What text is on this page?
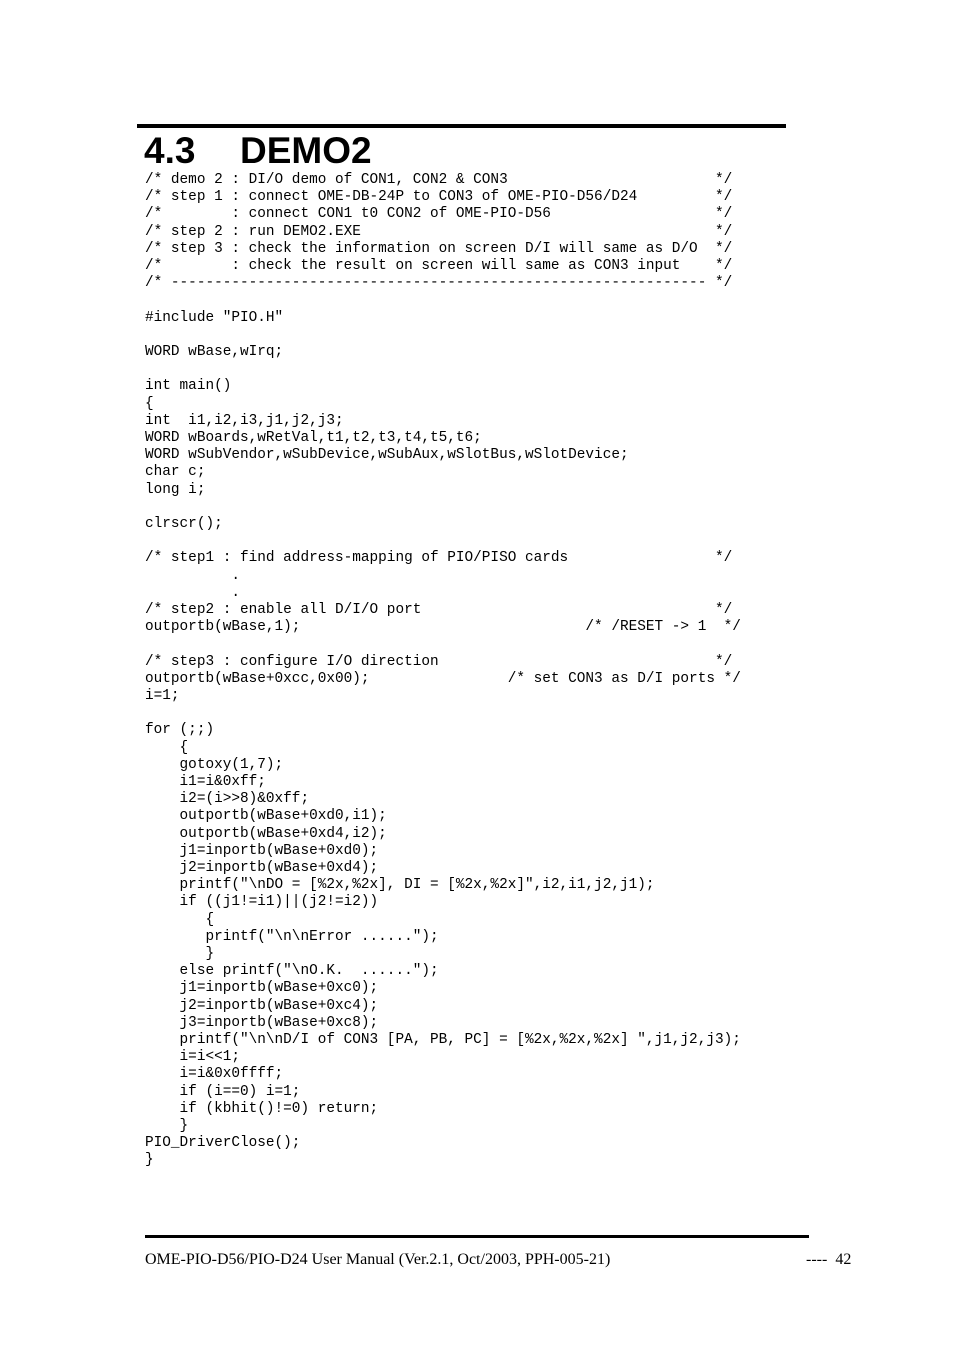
4.3 DEMO2
/* demo 2 : DI/O demo of CON1, CON2 & CON3                        */
/* step 1 : connect OME-DB-24P to CON3 of OME-PIO-D56/D24         */
/*        : connect CON1 t0 CON2 of OME-PIO-D56                   */
/* step 2 : run DEMO2.EXE                                         */
/* step 3 : check the information on screen D/I will same as D/O  */
/*        : check the result on screen will same as CON3 input    */
/* -------------------------------------------------------------- */
#include "PIO.H"
WORD wBase,wIrq;
int main()
{
int  i1,i2,i3,j1,j2,j3;
WORD wBoards,wRetVal,t1,t2,t3,t4,t5,t6;
WORD wSubVendor,wSubDevice,wSubAux,wSlotBus,wSlotDevice;
char c;
long i;
clrscr();
/* step1 : find address-mapping of PIO/PISO cards                 */
.
.
/* step2 : enable all D/I/O port                                  */
outportb(wBase,1);                                 /* /RESET -> 1  */
/* step3 : configure I/O direction                                */
outportb(wBase+0xcc,0x00);                /* set CON3 as D/I ports */
i=1;
for (;;)
{
gotoxy(1,7);
i1=i&0xff;
i2=(i>>8)&0xff;
outportb(wBase+0xd0,i1);
outportb(wBase+0xd4,i2);
j1=inportb(wBase+0xd0);
j2=inportb(wBase+0xd4);
printf("\nDO = [%2x,%2x], DI = [%2x,%2x]",i2,i1,j2,j1);
if ((j1!=i1)||(j2!=i2))
{
printf("\n\nError ......");
}
else printf("\nO.K.  ......");
j1=inportb(wBase+0xc0);
j2=inportb(wBase+0xc4);
j3=inportb(wBase+0xc8);
printf("\n\nD/I of CON3 [PA, PB, PC] = [%2x,%2x,%2x] ",j1,j2,j3);
i=i<<1;
i=i&0x0ffff;
if (i==0) i=1;
if (kbhit()!=0) return;
}
PIO_DriverClose();
}
OME-PIO-D56/PIO-D24 User Manual (Ver.2.1, Oct/2003, PPH-005-21)	----  42
